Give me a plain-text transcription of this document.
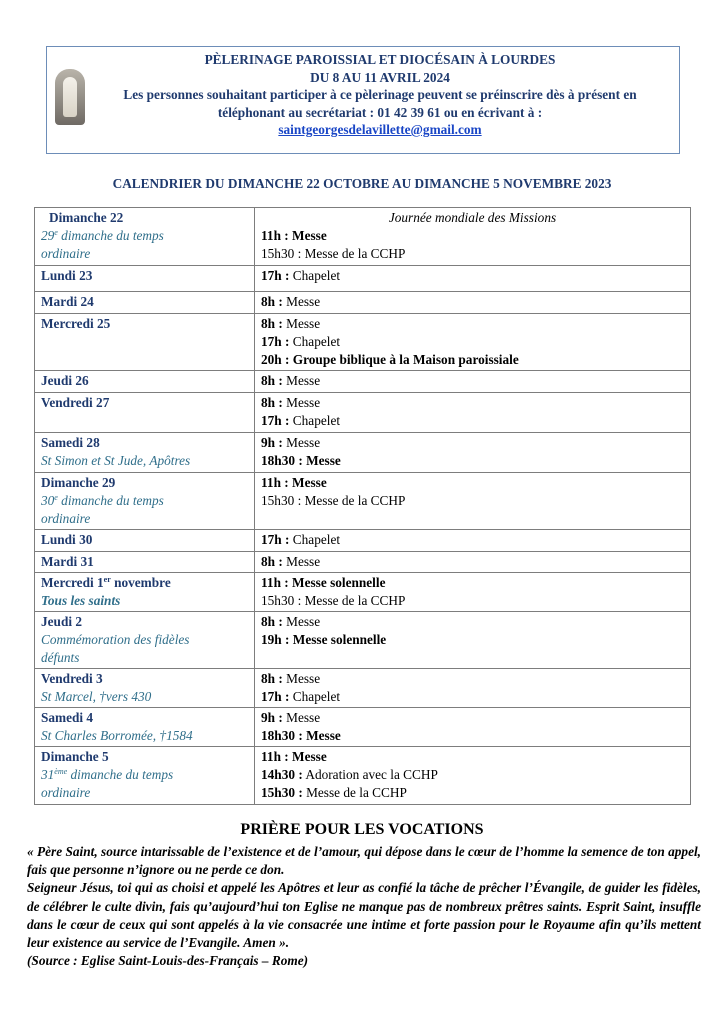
PÈLERINAGE PAROISSIAL ET DIOCÉSAIN À LOURDES
DU 8 AU 11 AVRIL 2024
Les personnes souhaitant participer à ce pèlerinage peuvent se préinscrire dès à présent en
téléphonant au secrétariat : 01 42 39 61 ou en écrivant à :
saintgeorgesdelavillette@gmail.com
CALENDRIER DU DIMANCHE 22 OCTOBRE AU DIMANCHE 5 NOVEMBRE 2023
Dimanche 22
29e dimanche du temps
ordinaire	Journée mondiale des Missions
11h : Messe
15h30 : Messe de la CCHP

Lundi 23	17h : Chapelet

Mardi 24	8h : Messe

Mercredi 25	8h : Messe
17h : Chapelet
20h : Groupe biblique à la Maison paroissiale

Jeudi 26	8h : Messe

Vendredi 27	8h : Messe
17h : Chapelet

Samedi 28
St Simon et St Jude, Apôtres	9h : Messe
18h30 : Messe

Dimanche 29
30e dimanche du temps
ordinaire	11h : Messe
15h30 : Messe de la CCHP

Lundi 30	17h : Chapelet

Mardi 31	8h : Messe

Mercredi 1er novembre
Tous les saints	11h : Messe solennelle
15h30 : Messe de la CCHP

Jeudi 2
Commémoration des fidèles
défunts	8h : Messe
19h : Messe solennelle

Vendredi 3
St Marcel, †vers 430	8h : Messe
17h : Chapelet

Samedi 4
St Charles Borromée, †1584	9h : Messe
18h30 : Messe

Dimanche 5
31ème dimanche du temps
ordinaire	11h : Messe
14h30 : Adoration avec la CCHP
15h30 : Messe de la CCHP
PRIÈRE POUR LES VOCATIONS

« Père Saint, source intarissable de l’existence et de l’amour, qui dépose dans le cœur de l’homme la semence de ton appel, fais que personne n’ignore ou ne perde ce don.

Seigneur Jésus, toi qui as choisi et appelé les Apôtres et leur as confié la tâche de prêcher l’Évangile, de guider les fidèles, de célébrer le culte divin, fais qu’aujourd’hui ton Eglise ne manque pas de nombreux prêtres saints. Esprit Saint, insuffle dans le cœur de ceux qui sont appelés à la vie consacrée une intime et forte passion pour le Royaume afin qu’ils mettent leur existence au service de l’Evangile. Amen ».

(Source : Eglise Saint-Louis-des-Français – Rome)
